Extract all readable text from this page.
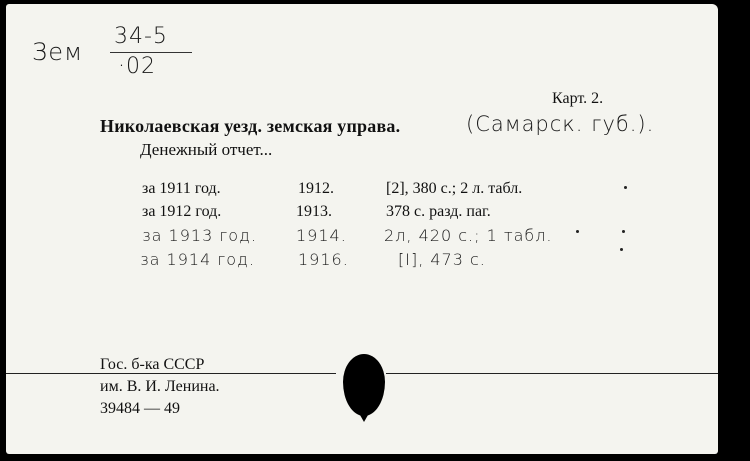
Зем
34-5
·02
Карт. 2.
Николаевская уезд. земская управа.	(Самарск. губ.).
Денежный отчет...
за 1911 год.	1912.	[2], 380 с.; 2 л. табл.
за 1912 год.	1913.	378 с. разд. паг.
за 1913 год. 1914. 2л, 420 с.; 1 табл.
за 1914 год.	1916.	[I], 473 с.
Гос. б-ка СССР
им. В. И. Ленина.
39484 — 49
